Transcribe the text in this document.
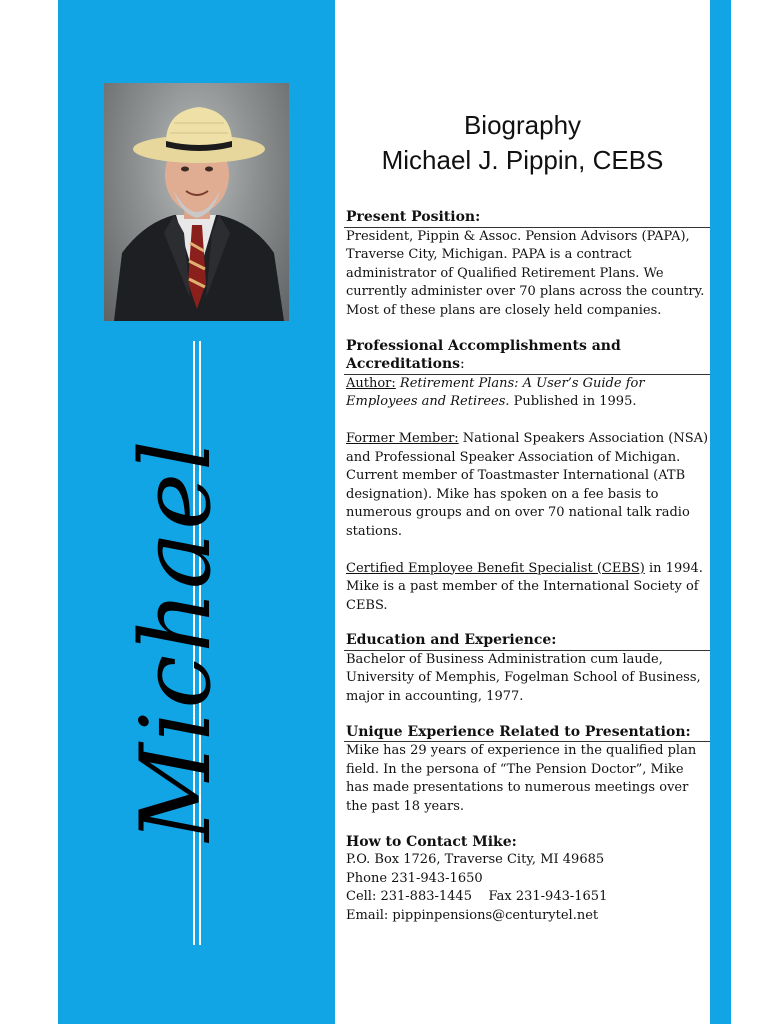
Michael
Biography
Michael J. Pippin, CEBS
Present Position:

President, Pippin & Assoc. Pension Advisors (PAPA), Traverse City, Michigan. PAPA is a contract administrator of Qualified Retirement Plans. We currently administer over 70 plans across the country. Most of these plans are closely held companies.

Professional Accomplishments and Accreditations:

Author: Retirement Plans: A User’s Guide for Employees and Retirees. Published in 1995.

Former Member: National Speakers Association (NSA) and Professional Speaker Association of Michigan. Current member of Toastmaster International (ATB designation). Mike has spoken on a fee basis to numerous groups and on over 70 national talk radio stations.

Certified Employee Benefit Specialist (CEBS) in 1994. Mike is a past member of the International Society of CEBS.

Education and Experience:

Bachelor of Business Administration cum laude, University of Memphis, Fogelman School of Business, major in accounting, 1977.

Unique Experience Related to Presentation:

Mike has 29 years of experience in the qualified plan field. In the persona of “The Pension Doctor”, Mike has made presentations to numerous meetings over the past 18 years.

How to Contact Mike:
P.O. Box 1726, Traverse City, MI 49685
Phone 231-943-1650
Cell: 231-883-1445    Fax 231-943-1651
Email: pippinpensions@centurytel.net
